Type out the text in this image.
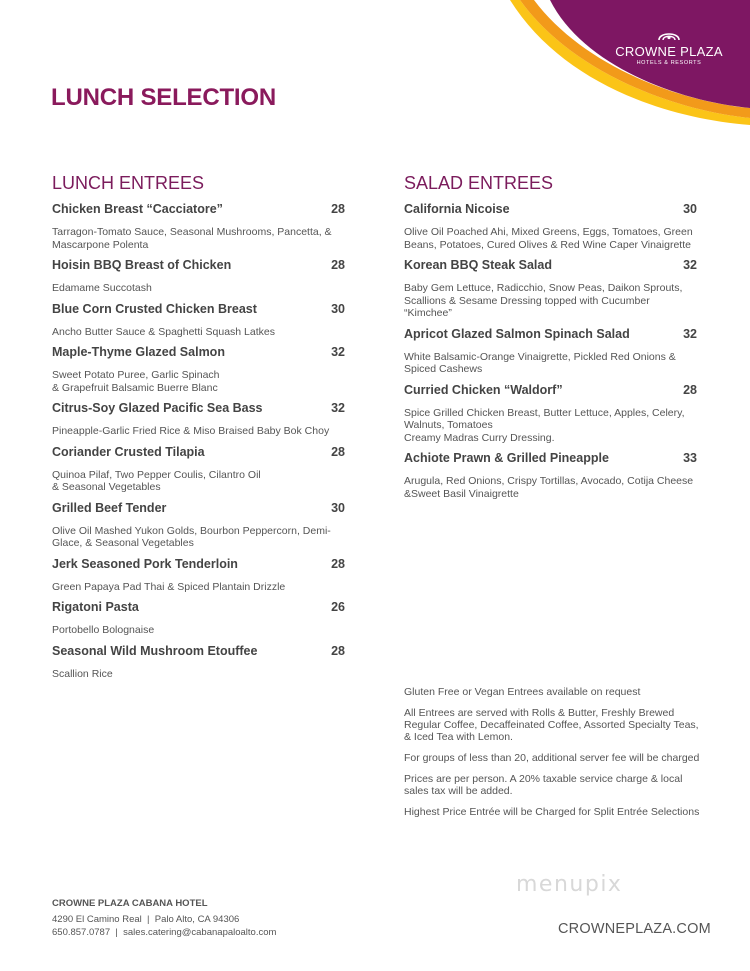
CROWNE PLAZA
HOTELS & RESORTS
LUNCH SELECTION
LUNCH ENTREES
Chicken Breast “Cacciatore”	28
Tarragon-Tomato Sauce, Seasonal Mushrooms, Pancetta, & Mascarpone Polenta
Hoisin BBQ Breast of Chicken	28
Edamame Succotash
Blue Corn Crusted Chicken Breast	30
Ancho Butter Sauce & Spaghetti Squash Latkes
Maple-Thyme Glazed Salmon	32
Sweet Potato Puree, Garlic Spinach
& Grapefruit Balsamic Buerre Blanc
Citrus-Soy Glazed Pacific Sea Bass	32
Pineapple-Garlic Fried Rice & Miso Braised Baby Bok Choy
Coriander Crusted Tilapia	28
Quinoa Pilaf, Two Pepper Coulis, Cilantro Oil
& Seasonal Vegetables
Grilled Beef Tender	30
Olive Oil Mashed Yukon Golds, Bourbon Peppercorn, Demi-Glace, & Seasonal Vegetables
Jerk Seasoned Pork Tenderloin	28
Green Papaya Pad Thai & Spiced Plantain Drizzle
Rigatoni Pasta	26
Portobello Bolognaise
Seasonal Wild Mushroom Etouffee	28
Scallion Rice
SALAD ENTREES
California Nicoise	30
Olive Oil Poached Ahi, Mixed Greens, Eggs, Tomatoes, Green Beans, Potatoes, Cured Olives & Red Wine Caper Vinaigrette
Korean BBQ Steak Salad	32
Baby Gem Lettuce, Radicchio, Snow Peas, Daikon Sprouts, Scallions & Sesame Dressing topped with Cucumber “Kimchee”
Apricot Glazed Salmon Spinach Salad	32
White Balsamic-Orange Vinaigrette, Pickled Red Onions & Spiced Cashews
Curried Chicken “Waldorf”	28
Spice Grilled Chicken Breast, Butter Lettuce, Apples, Celery, Walnuts, Tomatoes
Creamy Madras Curry Dressing.
Achiote Prawn & Grilled Pineapple	33
Arugula, Red Onions, Crispy Tortillas, Avocado, Cotija Cheese &Sweet Basil Vinaigrette
Gluten Free or Vegan Entrees available on request
All Entrees are served with Rolls & Butter, Freshly Brewed Regular Coffee, Decaffeinated Coffee, Assorted Specialty Teas, & Iced Tea with Lemon.
For groups of less than 20, additional server fee will be charged
Prices are per person. A 20% taxable service charge & local sales tax will be added.
Highest Price Entrée will be Charged for Split Entrée Selections
menupix
CROWNE PLAZA CABANA HOTEL
4290 El Camino Real  |  Palo Alto, CA 94306
650.857.0787  |  sales.catering@cabanapaloalto.com	CROWNEPLAZA.COM
